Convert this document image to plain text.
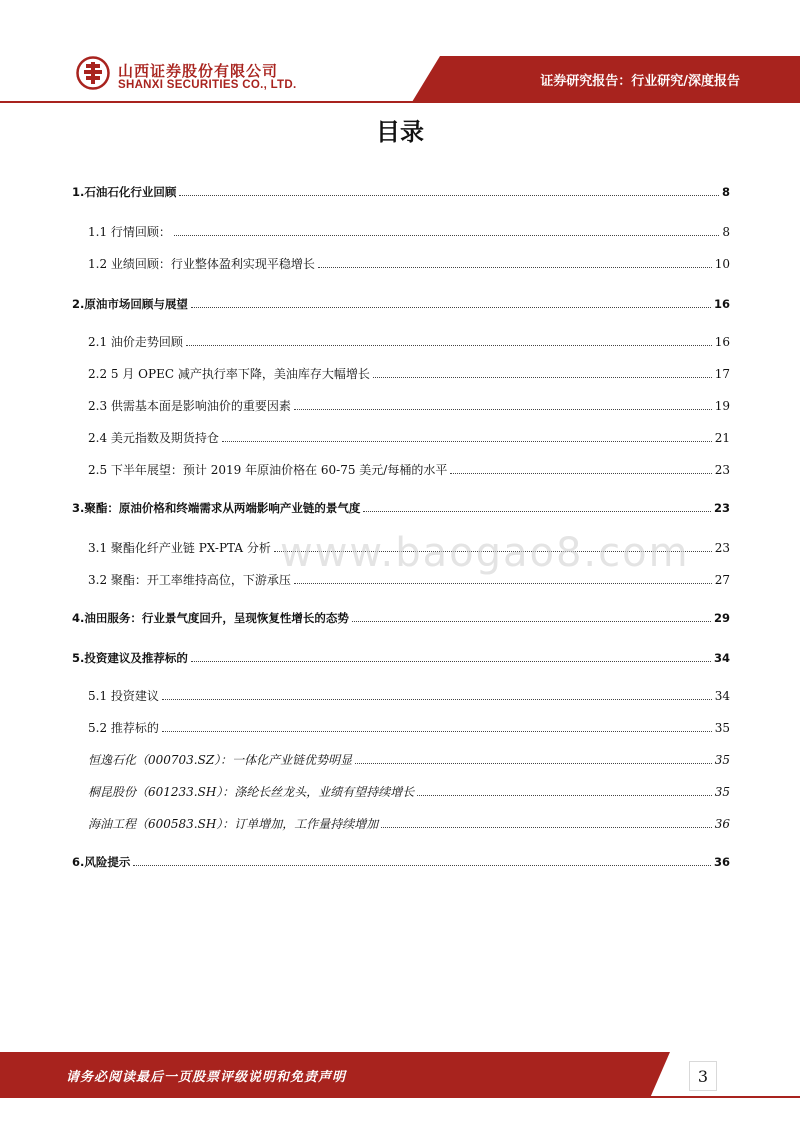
山西证券股份有限公司
SHANXI SECURITIES CO., LTD.	证券研究报告：行业研究/深度报告
目录
1.石油石化行业回顾	8
1.1 行情回顾：	8
1.2 业绩回顾：行业整体盈利实现平稳增长	10
2.原油市场回顾与展望	16
2.1 油价走势回顾	16
2.2 5 月 OPEC 减产执行率下降，美油库存大幅增长	17
2.3 供需基本面是影响油价的重要因素	19
2.4 美元指数及期货持仓	21
2.5 下半年展望：预计 2019 年原油价格在 60-75 美元/每桶的水平	23
3.聚酯：原油价格和终端需求从两端影响产业链的景气度	23
3.1 聚酯化纤产业链 PX-PTA 分析	23
3.2 聚酯：开工率维持高位，下游承压	27
4.油田服务：行业景气度回升，呈现恢复性增长的态势	29
5.投资建议及推荐标的	34
5.1 投资建议	34
5.2 推荐标的	35
恒逸石化（000703.SZ）：一体化产业链优势明显	35
桐昆股份（601233.SH）：涤纶长丝龙头，业绩有望持续增长	35
海油工程（600583.SH）：订单增加，工作量持续增加	36
6.风险提示	36
www.baogao8.com
请务必阅读最后一页股票评级说明和免责声明	3
